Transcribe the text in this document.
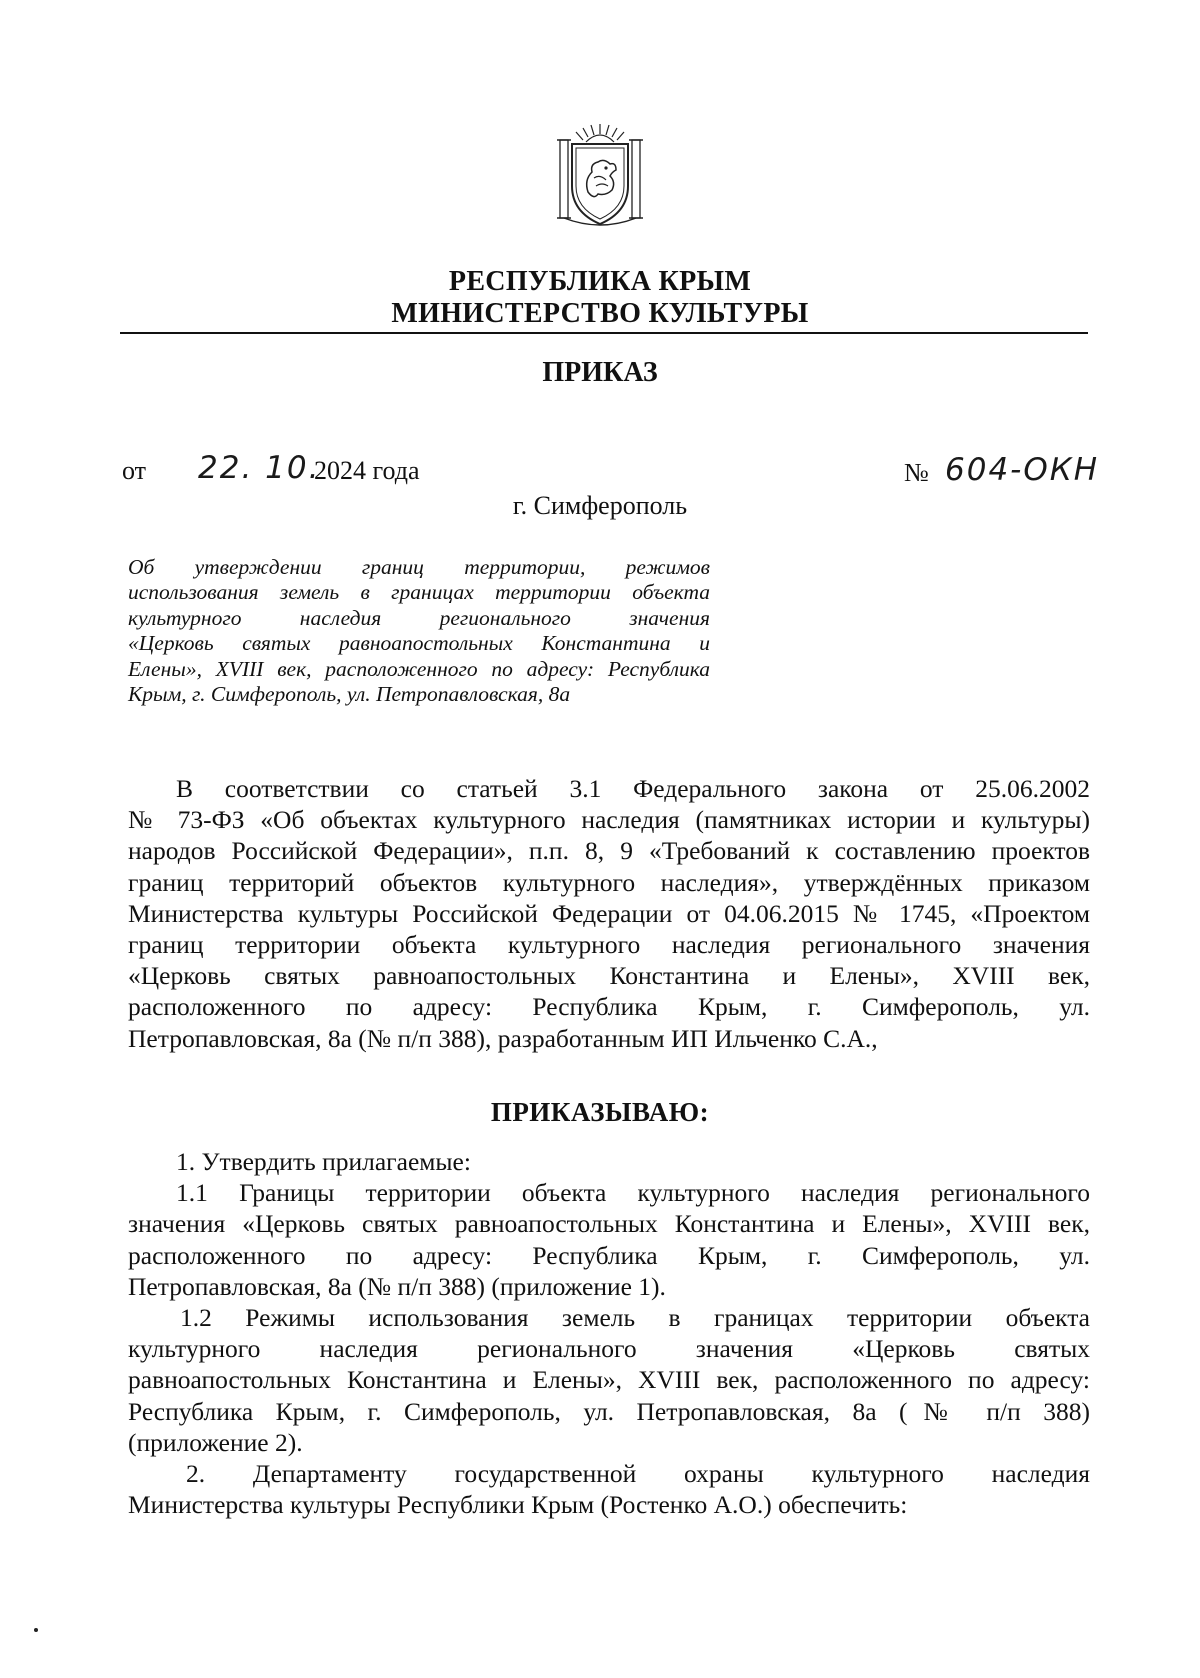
РЕСПУБЛИКА КРЫМ
МИНИСТЕРСТВО КУЛЬТУРЫ
ПРИКАЗ
от 22. 10.
2024 года	№ 604-ОКН
г. Симферополь
Об утверждении границ территории, режимов
использования земель в границах территории объекта
культурного наследия регионального значения
«Церковь святых равноапостольных Константина и
Елены», XVIII век, расположенного по адресу: Республика
Крым, г. Симферополь, ул. Петропавловская, 8а
В соответствии со статьей 3.1 Федерального закона от 25.06.2002
№ 73-ФЗ «Об объектах культурного наследия (памятниках истории и культуры)
народов Российской Федерации», п.п. 8, 9 «Требований к составлению проектов
границ территорий объектов культурного наследия», утверждённых приказом
Министерства культуры Российской Федерации от 04.06.2015 № 1745, «Проектом
границ территории объекта культурного наследия регионального значения
«Церковь святых равноапостольных Константина и Елены», XVIII век,
расположенного по адресу: Республика Крым, г. Симферополь, ул.
Петропавловская, 8а (№ п/п 388), разработанным ИП Ильченко С.А.,
ПРИКАЗЫВАЮ:
1. Утвердить прилагаемые:
1.1 Границы территории объекта культурного наследия регионального
значения «Церковь святых равноапостольных Константина и Елены», XVIII век,
расположенного по адресу: Республика Крым, г. Симферополь, ул.
Петропавловская, 8а (№ п/п 388) (приложение 1).
1.2 Режимы использования земель в границах территории объекта
культурного наследия регионального значения «Церковь святых
равноапостольных Константина и Елены», XVIII век, расположенного по адресу:
Республика Крым, г. Симферополь, ул. Петропавловская, 8а (№ п/п 388)
(приложение 2).
2. Департаменту государственной охраны культурного наследия
Министерства культуры Республики Крым (Ростенко А.О.) обеспечить:
